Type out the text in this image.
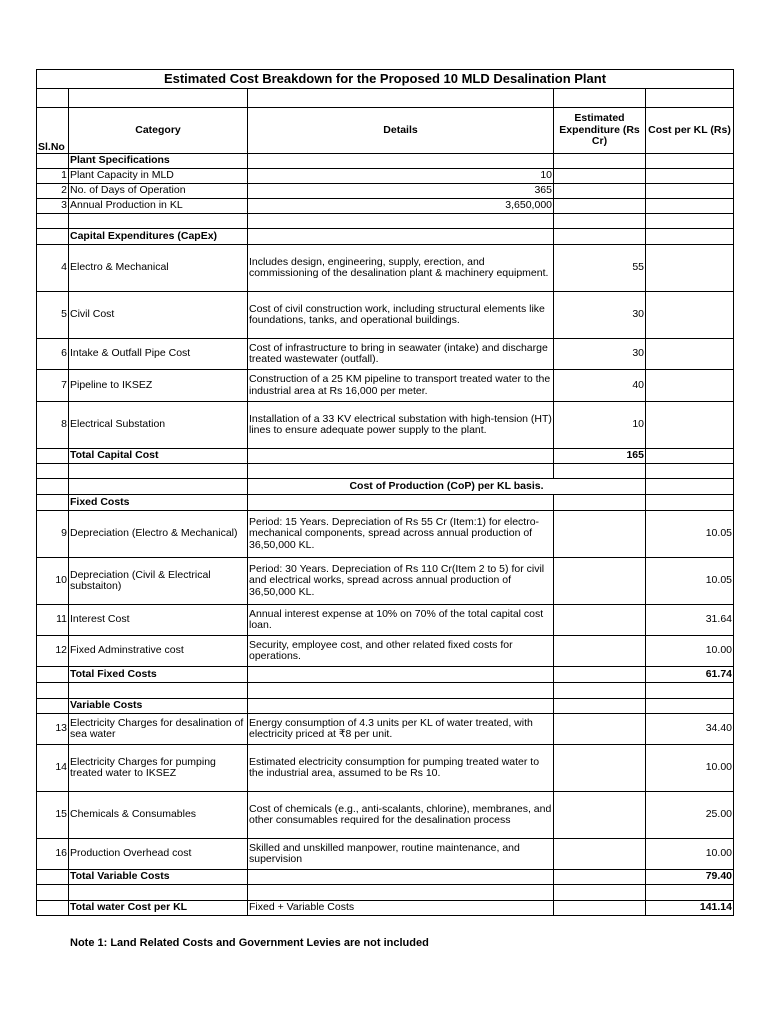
Estimated Cost Breakdown for the Proposed 10 MLD Desalination Plant				

Sl.No	Category	Details	Estimated Expenditure (Rs Cr)	Cost per KL (Rs)
	Plant Specifications			
1	Plant Capacity in MLD	10		
2	No. of Days of Operation	365		
3	Annual Production in KL	3,650,000		

	Capital Expenditures (CapEx)			
4	Electro & Mechanical	Includes design, engineering, supply, erection, and commissioning of the desalination plant & machinery equipment.	55	
5	Civil Cost	Cost of civil construction work, including structural elements like foundations, tanks, and operational buildings.	30	
6	Intake & Outfall Pipe Cost	Cost of infrastructure to bring in seawater (intake) and discharge treated wastewater (outfall).	30	
7	Pipeline to IKSEZ	Construction of a 25 KM pipeline to transport treated water to the industrial area at Rs 16,000 per meter.	40	
8	Electrical Substation	Installation of a 33 KV electrical substation with high-tension (HT) lines to ensure adequate power supply to the plant.	10	
	Total Capital Cost		165	

		Cost of Production (CoP) per KL basis.		
	Fixed Costs			
9	Depreciation (Electro & Mechanical)	Period: 15 Years. Depreciation of Rs 55 Cr (Item:1) for electro-mechanical components, spread across annual production of 36,50,000 KL.		10.05
10	Depreciation (Civil & Electrical substaiton)	Period: 30 Years. Depreciation of Rs 110 Cr(Item 2 to 5) for civil and electrical works, spread across annual production of 36,50,000 KL.		10.05
11	Interest Cost	Annual interest expense at 10% on 70% of the total capital cost loan.		31.64
12	Fixed Adminstrative cost	Security, employee cost, and other related fixed costs for operations.		10.00
	Total Fixed Costs			61.74

	Variable Costs			
13	Electricity Charges for desalination of sea water	Energy consumption of 4.3 units per KL of water treated, with electricity priced at ₹8 per unit.		34.40
14	Electricity Charges for pumping treated water to IKSEZ	Estimated electricity consumption for pumping treated water to the industrial area, assumed to be Rs 10.		10.00
15	Chemicals & Consumables	Cost of chemicals (e.g., anti-scalants, chlorine), membranes, and other consumables required for the desalination process		25.00
16	Production Overhead cost	Skilled and unskilled manpower, routine maintenance, and supervision		10.00
	Total Variable Costs			79.40

	Total water Cost per KL	Fixed + Variable Costs		141.14
Note 1: Land Related Costs and Government Levies are not included
